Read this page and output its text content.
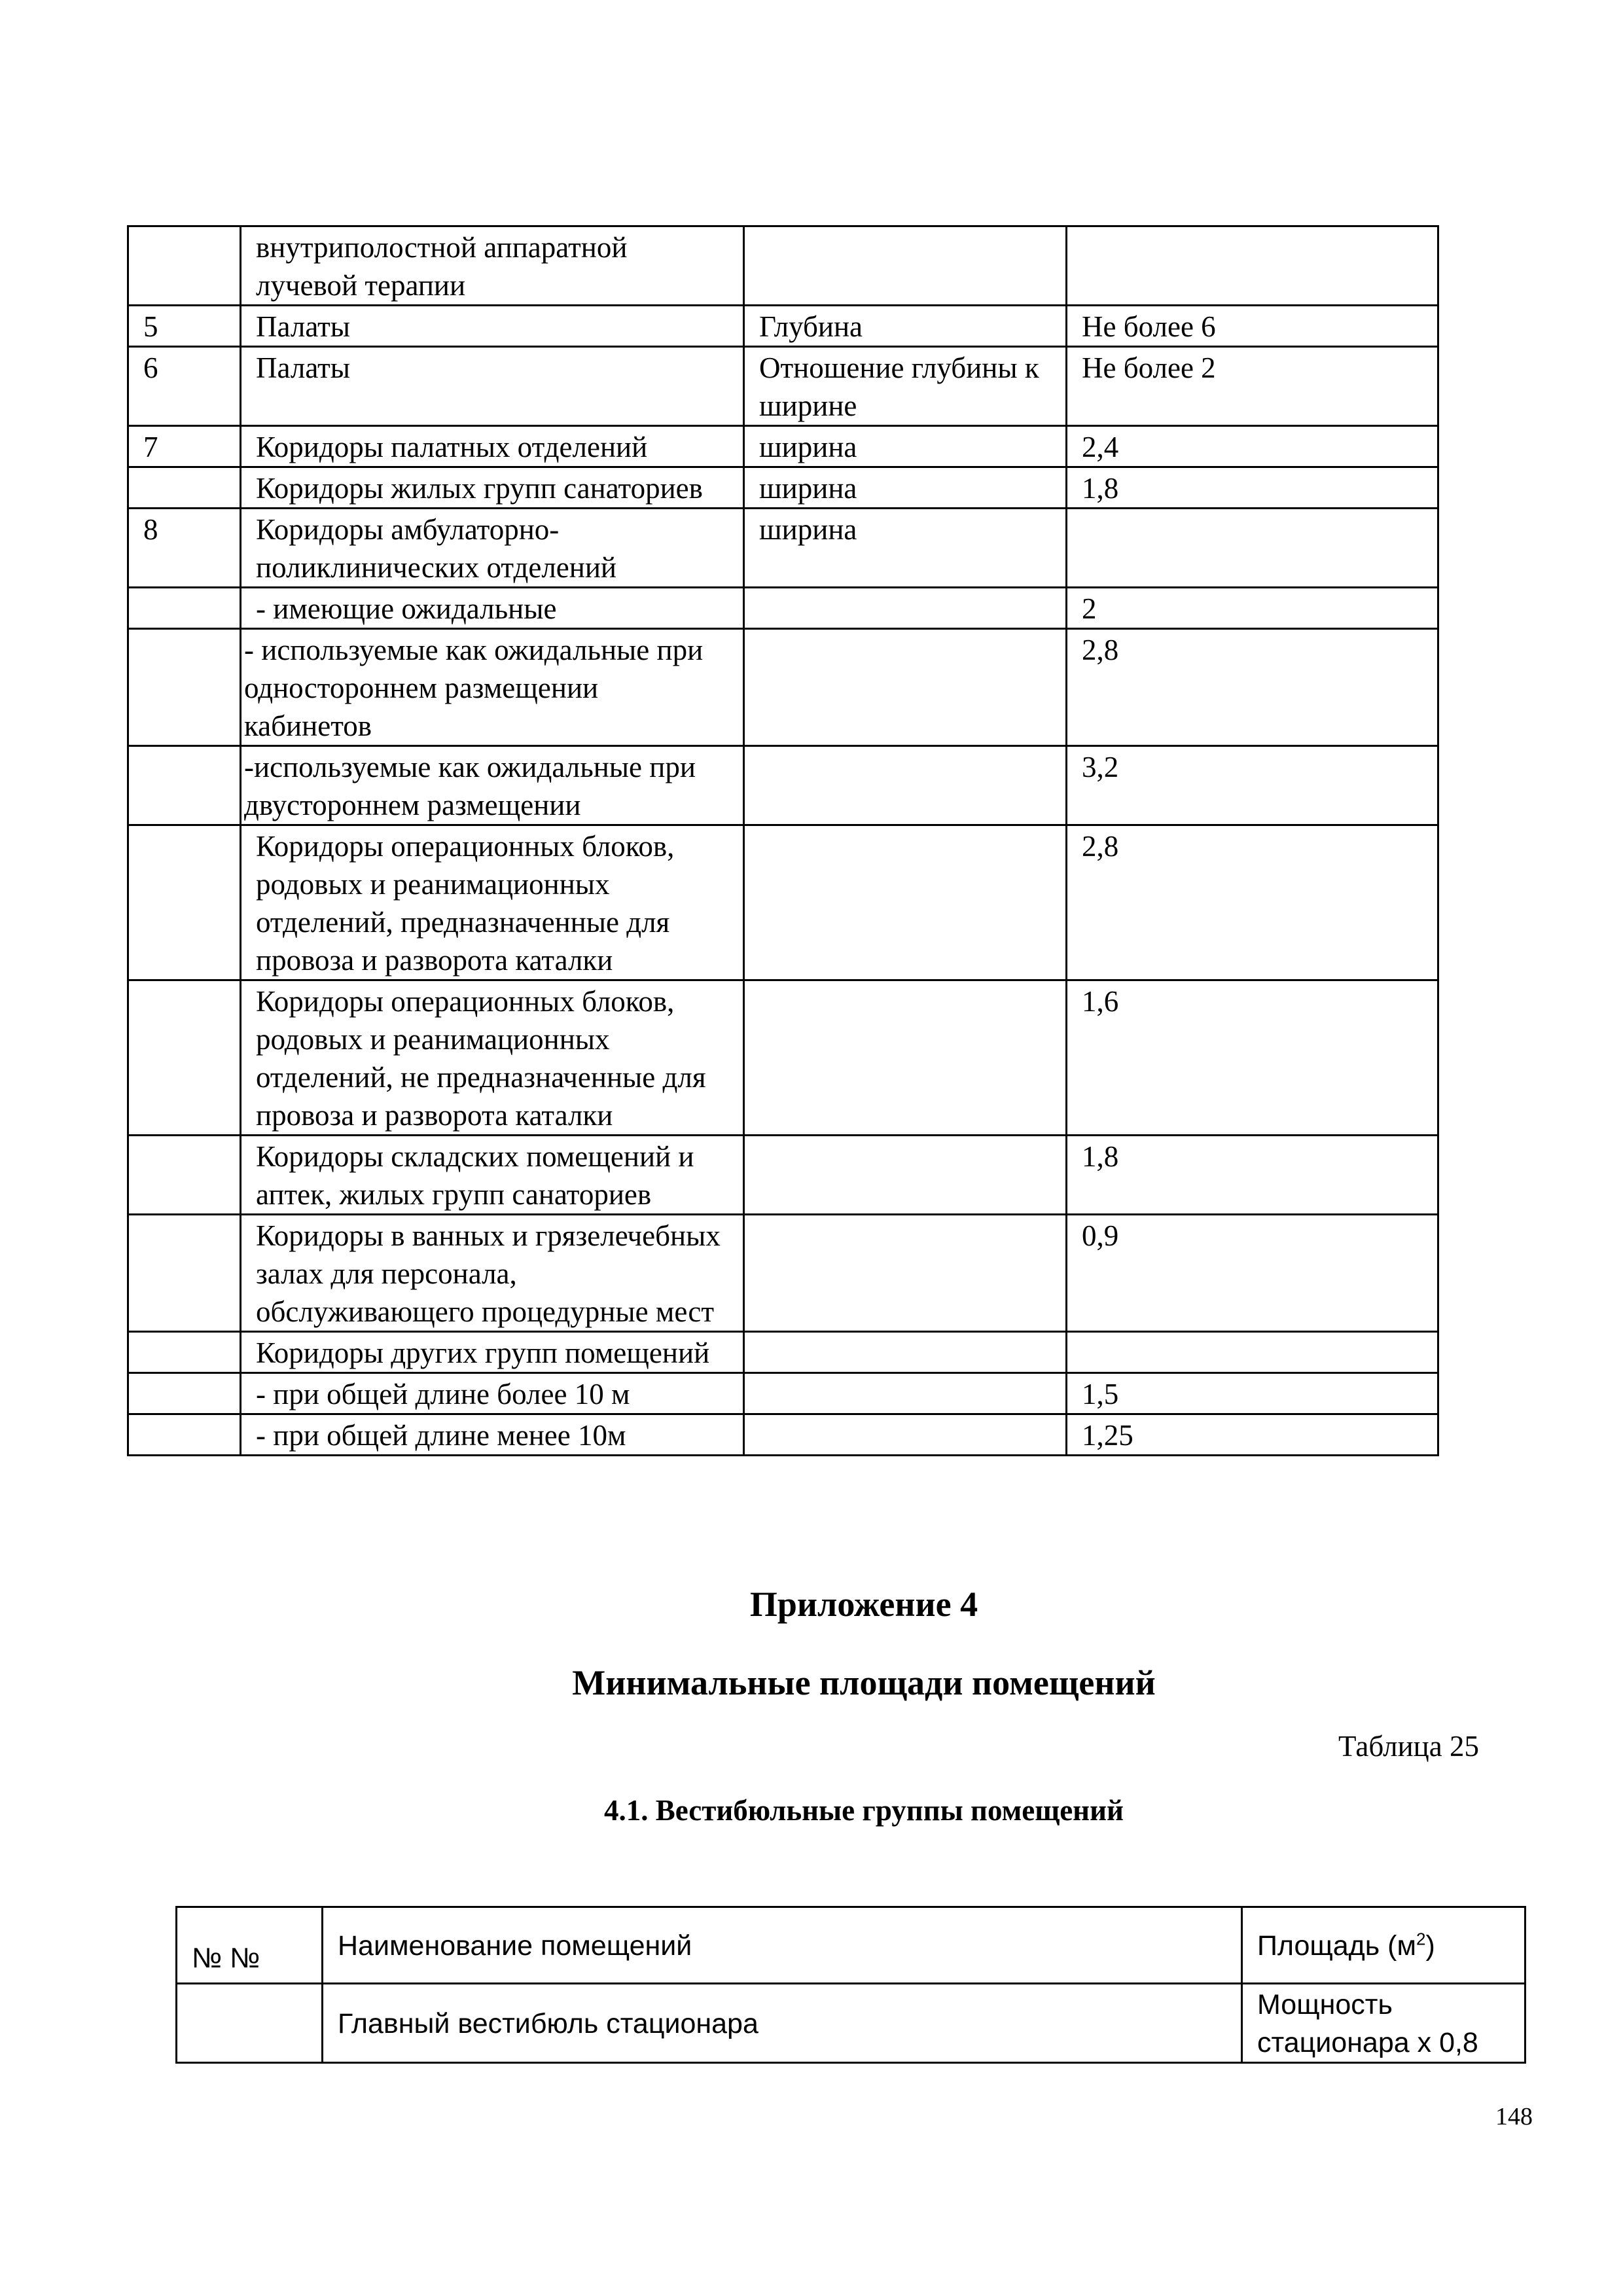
	внутриполостной аппаратной лучевой терапии		
5	Палаты	Глубина	Не более 6
6	Палаты	Отношение глубины к ширине	Не более 2
7	Коридоры палатных отделений	ширина	2,4
	Коридоры жилых групп санаториев	ширина	1,8
8	Коридоры амбулаторно-поликлинических отделений	ширина	
	- имеющие ожидальные		2
	- используемые как ожидальные при одностороннем размещении кабинетов		2,8
	-используемые как ожидальные при двустороннем размещении		3,2
	Коридоры операционных блоков, родовых и реанимационных отделений, предназначенные для провоза и разворота каталки		2,8
	Коридоры операционных блоков, родовых и реанимационных отделений, не предназначенные для провоза и разворота каталки		1,6
	Коридоры складских помещений и аптек, жилых групп санаториев		1,8
	Коридоры в ванных и грязелечебных залах для персонала, обслуживающего процедурные мест		0,9
	Коридоры других групп помещений		
	- при общей длине более 10 м		1,5
	- при общей длине менее 10м		1,25
Приложение 4
Минимальные площади помещений

Таблица 25

4.1. Вестибюльные группы помещений
№ №	Наименование помещений	Площадь $(м^2)$
	Главный вестибюль стационара	Мощность стационара х 0,8

148
